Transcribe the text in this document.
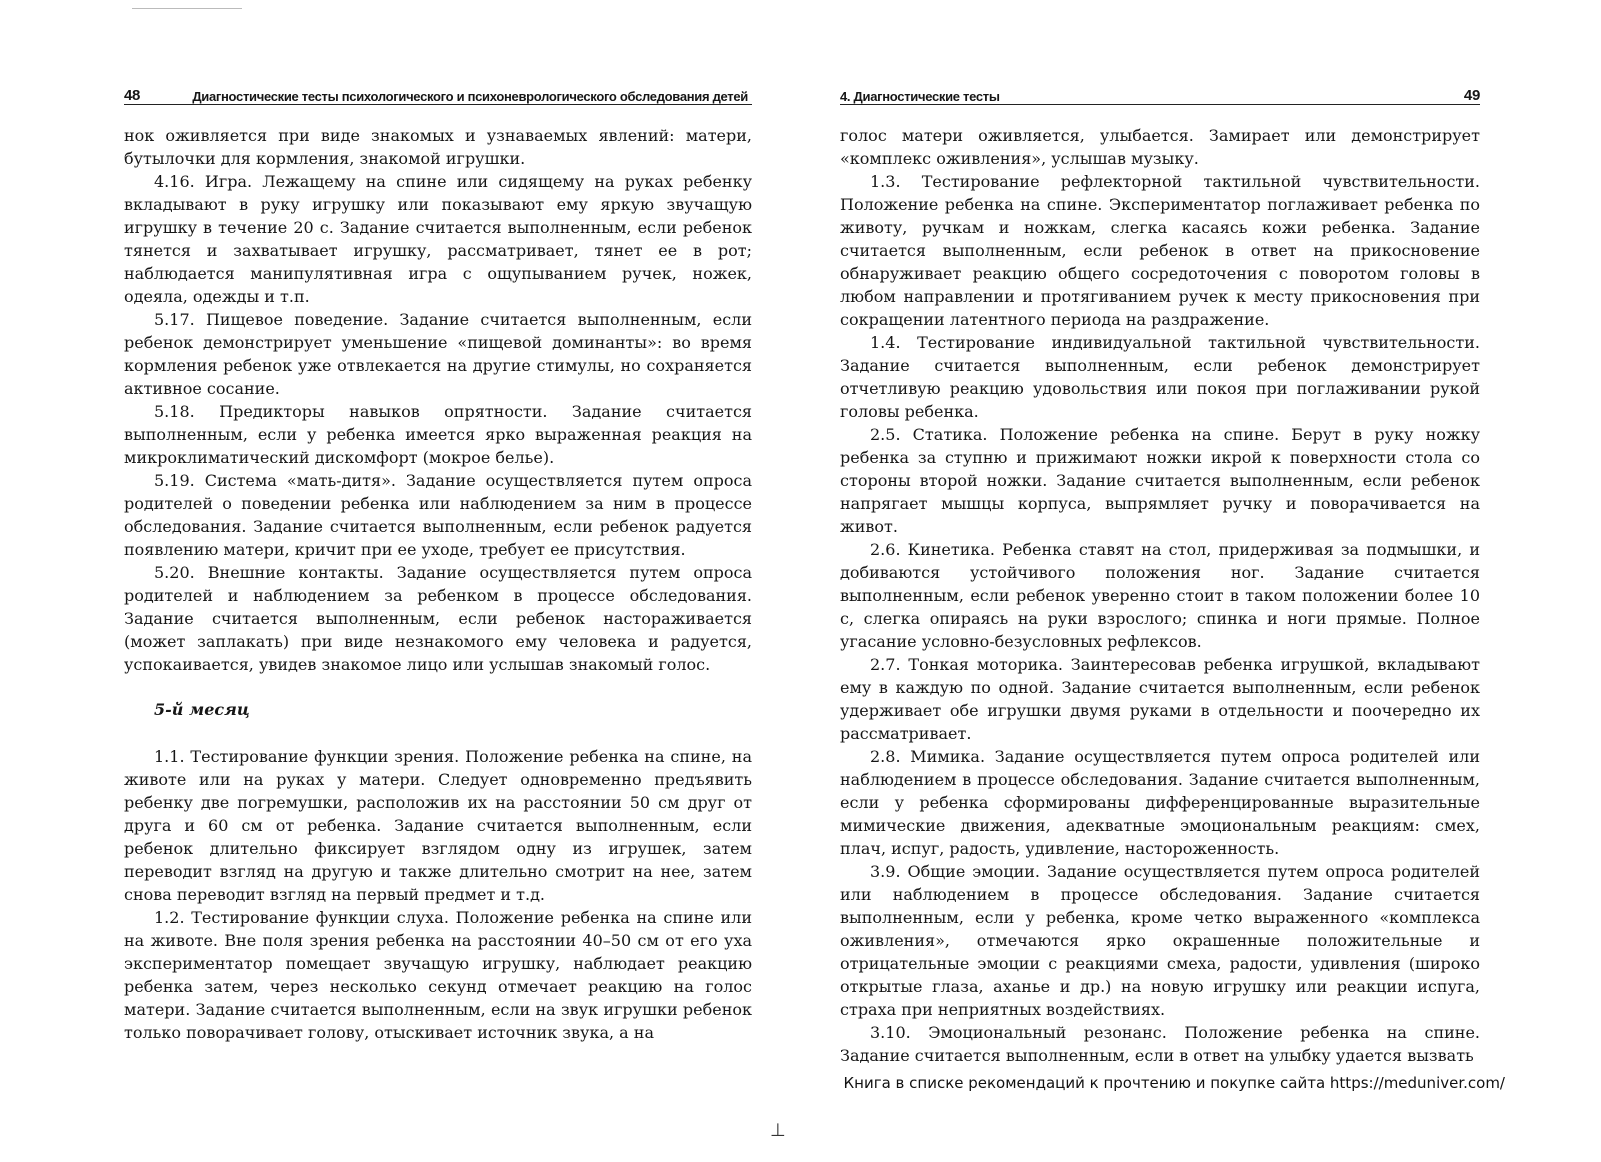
48	Диагностические тесты психологического и психоневрологического обследования детей

нок оживляется при виде знакомых и узнаваемых явлений: матери, бутылочки для кормления, знакомой игрушки.

4.16. Игра. Лежащему на спине или сидящему на руках ребенку вкладывают в руку игрушку или показывают ему яркую звучащую игрушку в течение 20 с. Задание считается выполненным, если ребенок тянется и захватывает игрушку, рассматривает, тянет ее в рот; наблюдается манипулятивная игра с ощупыванием ручек, ножек, одеяла, одежды и т.п.

5.17. Пищевое поведение. Задание считается выполненным, если ребенок демонстрирует уменьшение «пищевой доминанты»: во время кормления ребенок уже отвлекается на другие стимулы, но сохраняется активное сосание.

5.18. Предикторы навыков опрятности. Задание считается выполненным, если у ребенка имеется ярко выраженная реакция на микроклиматический дискомфорт (мокрое белье).

5.19. Система «мать-дитя». Задание осуществляется путем опроса родителей о поведении ребенка или наблюдением за ним в процессе обследования. Задание считается выполненным, если ребенок радуется появлению матери, кричит при ее уходе, требует ее присутствия.

5.20. Внешние контакты. Задание осуществляется путем опроса родителей и наблюдением за ребенком в процессе обследования. Задание считается выполненным, если ребенок настораживается (может заплакать) при виде незнакомого ему человека и радуется, успокаивается, увидев знакомое лицо или услышав знакомый голос.

5-й месяц

1.1. Тестирование функции зрения. Положение ребенка на спине, на животе или на руках у матери. Следует одновременно предъявить ребенку две погремушки, расположив их на расстоянии 50 см друг от друга и 60 см от ребенка. Задание считается выполненным, если ребенок длительно фиксирует взглядом одну из игрушек, затем переводит взгляд на другую и также длительно смотрит на нее, затем снова переводит взгляд на первый предмет и т.д.

1.2. Тестирование функции слуха. Положение ребенка на спине или на животе. Вне поля зрения ребенка на расстоянии 40–50 см от его уха экспериментатор помещает звучащую игрушку, наблюдает реакцию ребенка затем, через несколько секунд отмечает реакцию на голос матери. Задание считается выполненным, если на звук игрушки ребенок только поворачивает голову, отыскивает источник звука, а на

4. Диагностические тесты	49

голос матери оживляется, улыбается. Замирает или демонстрирует «комплекс оживления», услышав музыку.

1.3. Тестирование рефлекторной тактильной чувствительности. Положение ребенка на спине. Экспериментатор поглаживает ребенка по животу, ручкам и ножкам, слегка касаясь кожи ребенка. Задание считается выполненным, если ребенок в ответ на прикосновение обнаруживает реакцию общего сосредоточения с поворотом головы в любом направлении и протягиванием ручек к месту прикосновения при сокращении латентного периода на раздражение.

1.4. Тестирование индивидуальной тактильной чувствительности. Задание считается выполненным, если ребенок демонстрирует отчетливую реакцию удовольствия или покоя при поглаживании рукой головы ребенка.

2.5. Статика. Положение ребенка на спине. Берут в руку ножку ребенка за ступню и прижимают ножки икрой к поверхности стола со стороны второй ножки. Задание считается выполненным, если ребенок напрягает мышцы корпуса, выпрямляет ручку и поворачивается на живот.

2.6. Кинетика. Ребенка ставят на стол, придерживая за подмышки, и добиваются устойчивого положения ног. Задание считается выполненным, если ребенок уверенно стоит в таком положении более 10 с, слегка опираясь на руки взрослого; спинка и ноги прямые. Полное угасание условно-безусловных рефлексов.

2.7. Тонкая моторика. Заинтересовав ребенка игрушкой, вкладывают ему в каждую по одной. Задание считается выполненным, если ребенок удерживает обе игрушки двумя руками в отдельности и поочередно их рассматривает.

2.8. Мимика. Задание осуществляется путем опроса родителей или наблюдением в процессе обследования. Задание считается выполненным, если у ребенка сформированы дифференцированные выразительные мимические движения, адекватные эмоциональным реакциям: смех, плач, испуг, радость, удивление, настороженность.

3.9. Общие эмоции. Задание осуществляется путем опроса родителей или наблюдением в процессе обследования. Задание считается выполненным, если у ребенка, кроме четко выраженного «комплекса оживления», отмечаются ярко окрашенные положительные и отрицательные эмоции с реакциями смеха, радости, удивления (широко открытые глаза, аханье и др.) на новую игрушку или реакции испуга, страха при неприятных воздействиях.

3.10. Эмоциональный резонанс. Положение ребенка на спине. Задание считается выполненным, если в ответ на улыбку удается вызвать

Книга в списке рекомендаций к прочтению и покупке сайта https://meduniver.com/
⊥
